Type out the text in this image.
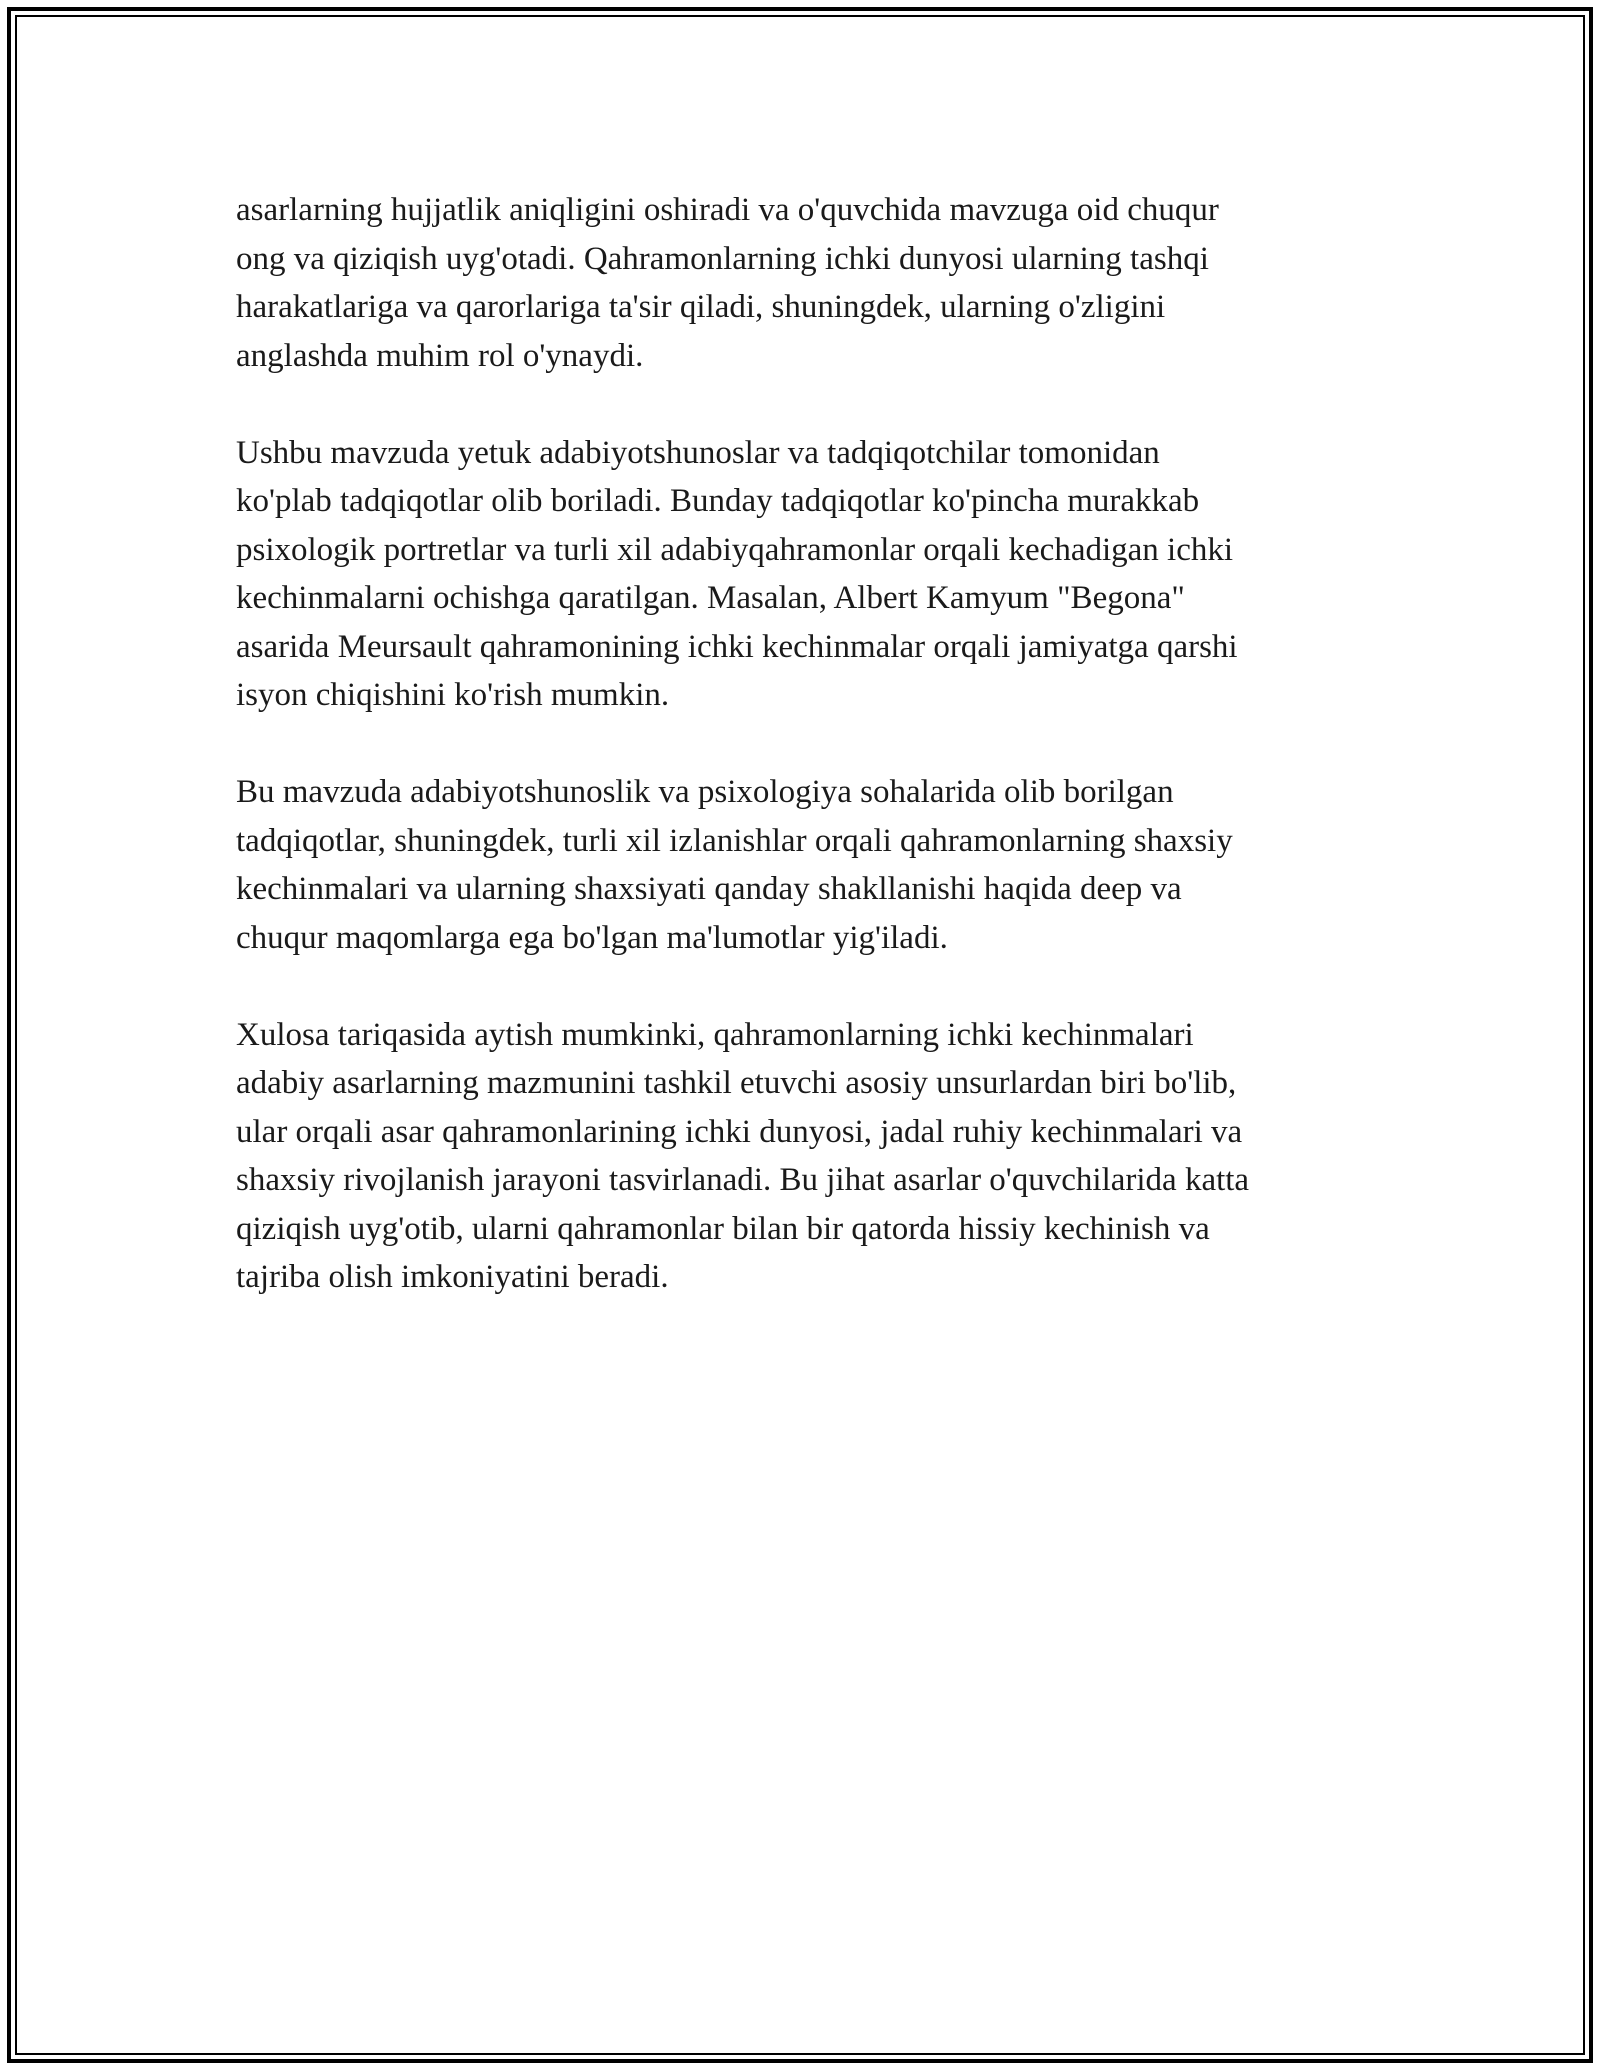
asarlarning hujjatlik aniqligini oshiradi va o'quvchida mavzuga oid chuqur
ong va qiziqish uyg'otadi. Qahramonlarning ichki dunyosi ularning tashqi
harakatlariga va qarorlariga ta'sir qiladi, shuningdek, ularning o'zligini
anglashda muhim rol o'ynaydi.

Ushbu mavzuda yetuk adabiyotshunoslar va tadqiqotchilar tomonidan
ko'plab tadqiqotlar olib boriladi. Bunday tadqiqotlar ko'pincha murakkab
psixologik portretlar va turli xil adabiyqahramonlar orqali kechadigan ichki
kechinmalarni ochishga qaratilgan. Masalan, Albert Kamyum "Begona"
asarida Meursault qahramonining ichki kechinmalar orqali jamiyatga qarshi
isyon chiqishini ko'rish mumkin.

Bu mavzuda adabiyotshunoslik va psixologiya sohalarida olib borilgan
tadqiqotlar, shuningdek, turli xil izlanishlar orqali qahramonlarning shaxsiy
kechinmalari va ularning shaxsiyati qanday shakllanishi haqida deep va
chuqur maqomlarga ega bo'lgan ma'lumotlar yig'iladi.

Xulosa tariqasida aytish mumkinki, qahramonlarning ichki kechinmalari
adabiy asarlarning mazmunini tashkil etuvchi asosiy unsurlardan biri bo'lib,
ular orqali asar qahramonlarining ichki dunyosi, jadal ruhiy kechinmalari va
shaxsiy rivojlanish jarayoni tasvirlanadi. Bu jihat asarlar o'quvchilarida katta
qiziqish uyg'otib, ularni qahramonlar bilan bir qatorda hissiy kechinish va
tajriba olish imkoniyatini beradi.
